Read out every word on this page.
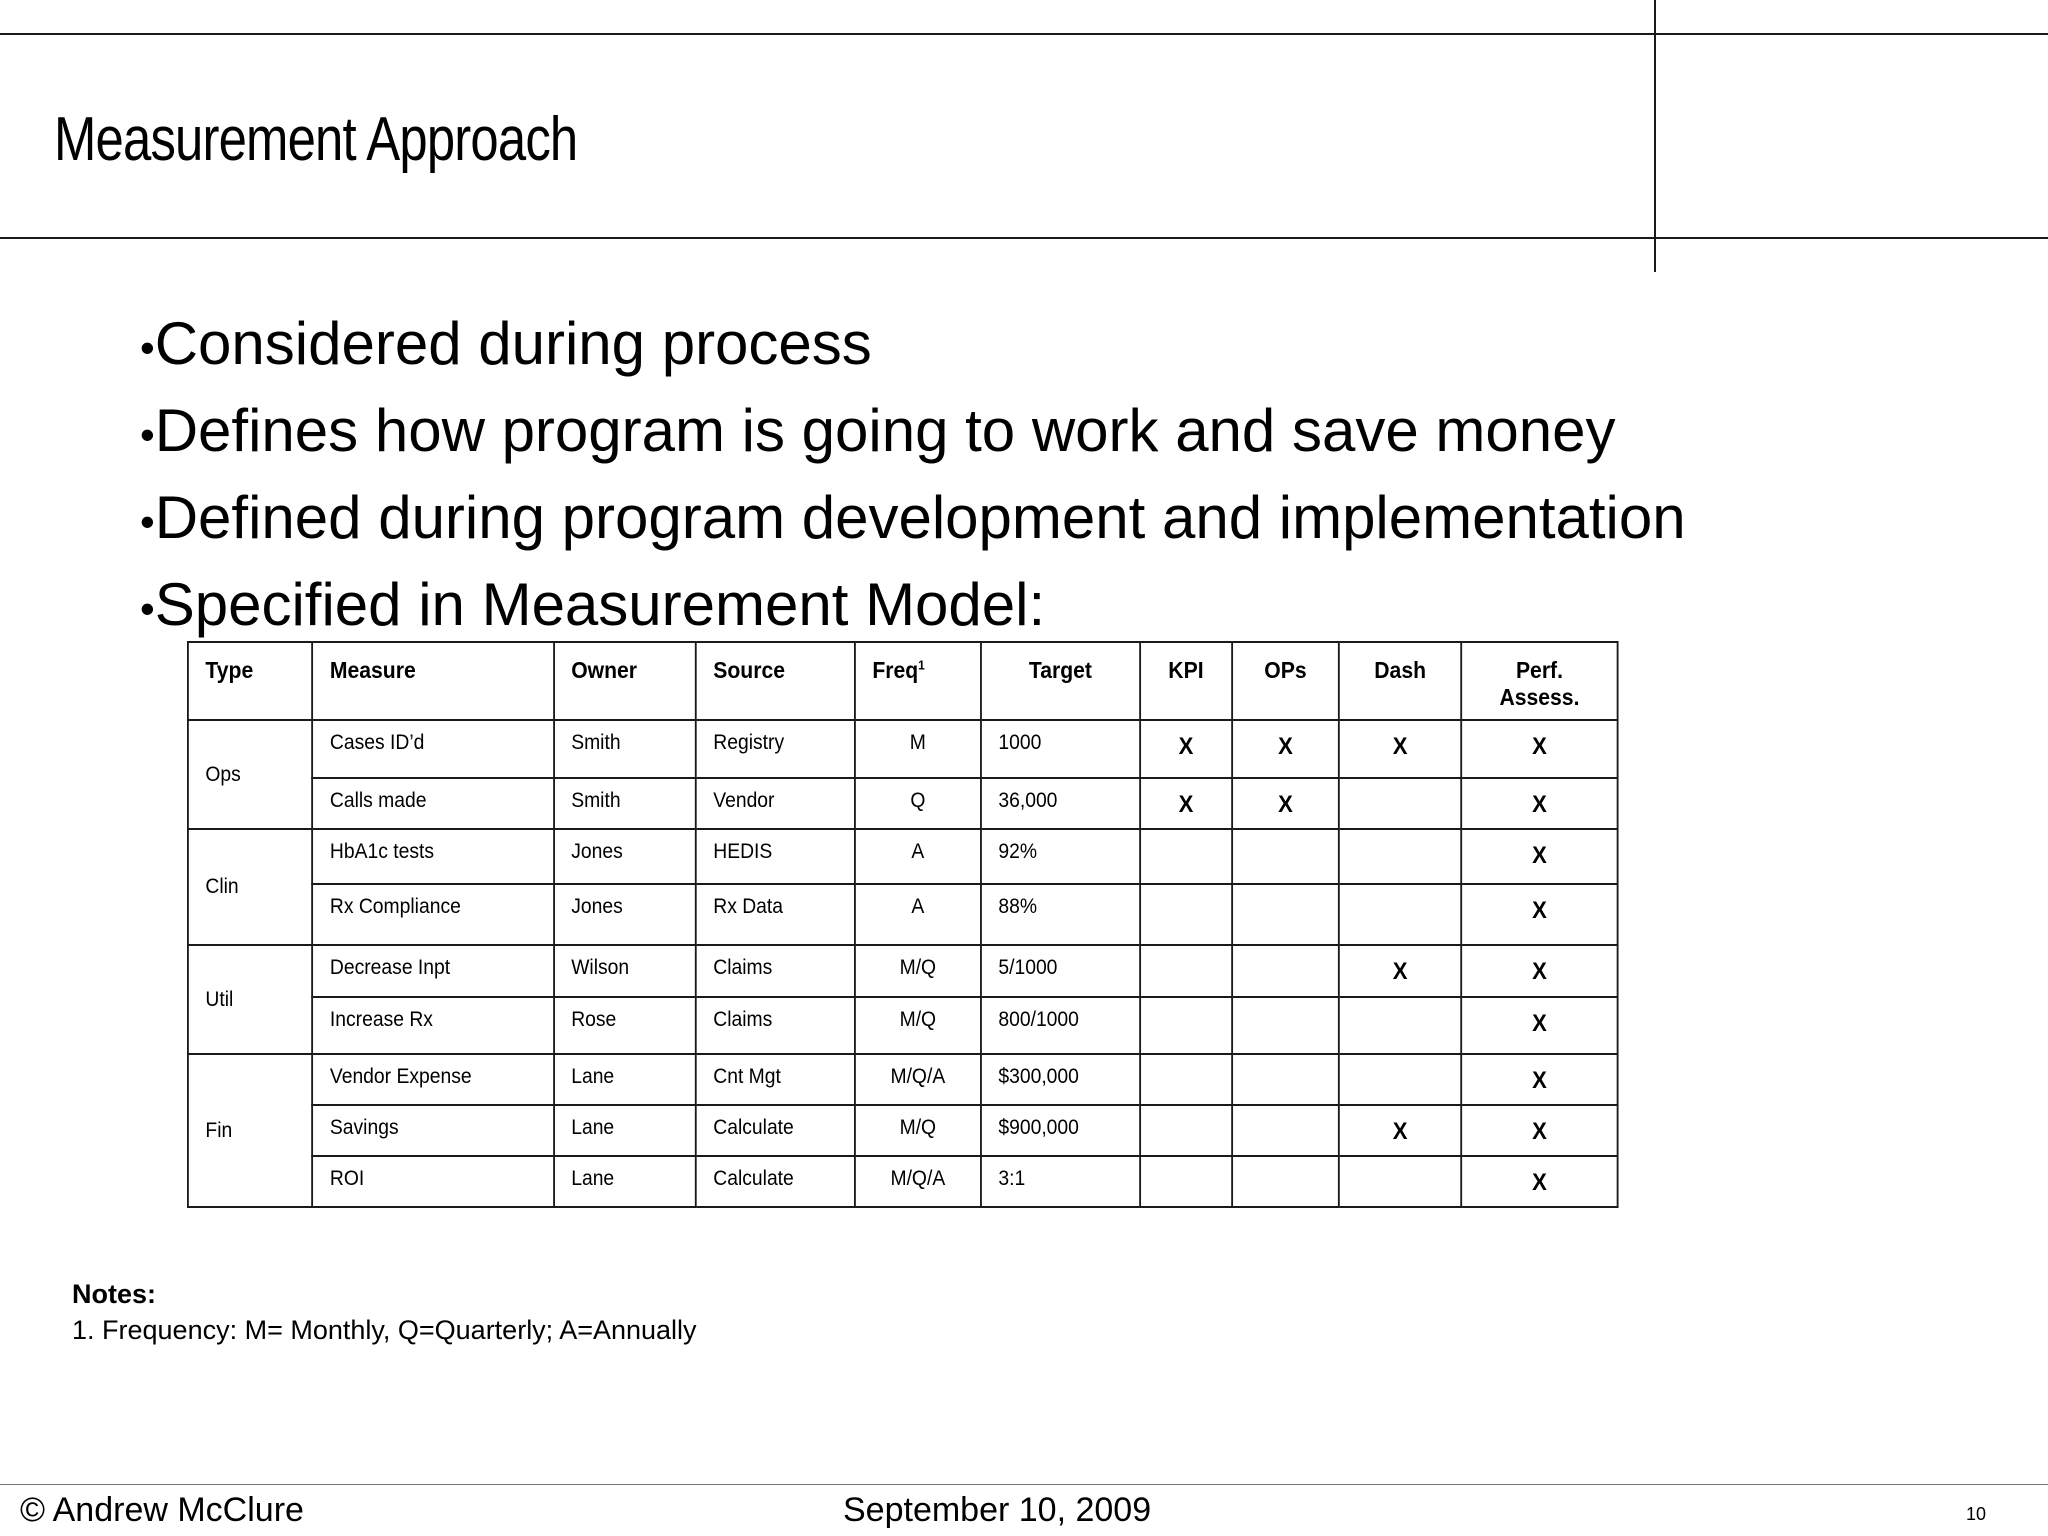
Measurement Approach
•Considered during process
•Defines how program is going to work and save money
•Defined during program development and implementation
•Specified in Measurement Model:
Type	Measure	Owner	Source	Freq$^1$	Target	KPI	OPs	Dash	Perf.
Assess.
Ops	Cases ID’d	Smith	Registry	M	1000	X	X	X	X
	Calls made	Smith	Vendor	Q	36,000	X	X		X
Clin	HbA1c tests	Jones	HEDIS	A	92%				X
	Rx Compliance	Jones	Rx Data	A	88%				X
Util	Decrease Inpt	Wilson	Claims	M/Q	5/1000			X	X
	Increase Rx	Rose	Claims	M/Q	800/1000				X
Fin	Vendor Expense	Lane	Cnt Mgt	M/Q/A	$300,000				X
	Savings	Lane	Calculate	M/Q	$900,000			X	X
	ROI	Lane	Calculate	M/Q/A	3:1				X
Notes:
1. Frequency: M= Monthly, Q=Quarterly; A=Annually
© Andrew McClure	September 10, 2009	10
